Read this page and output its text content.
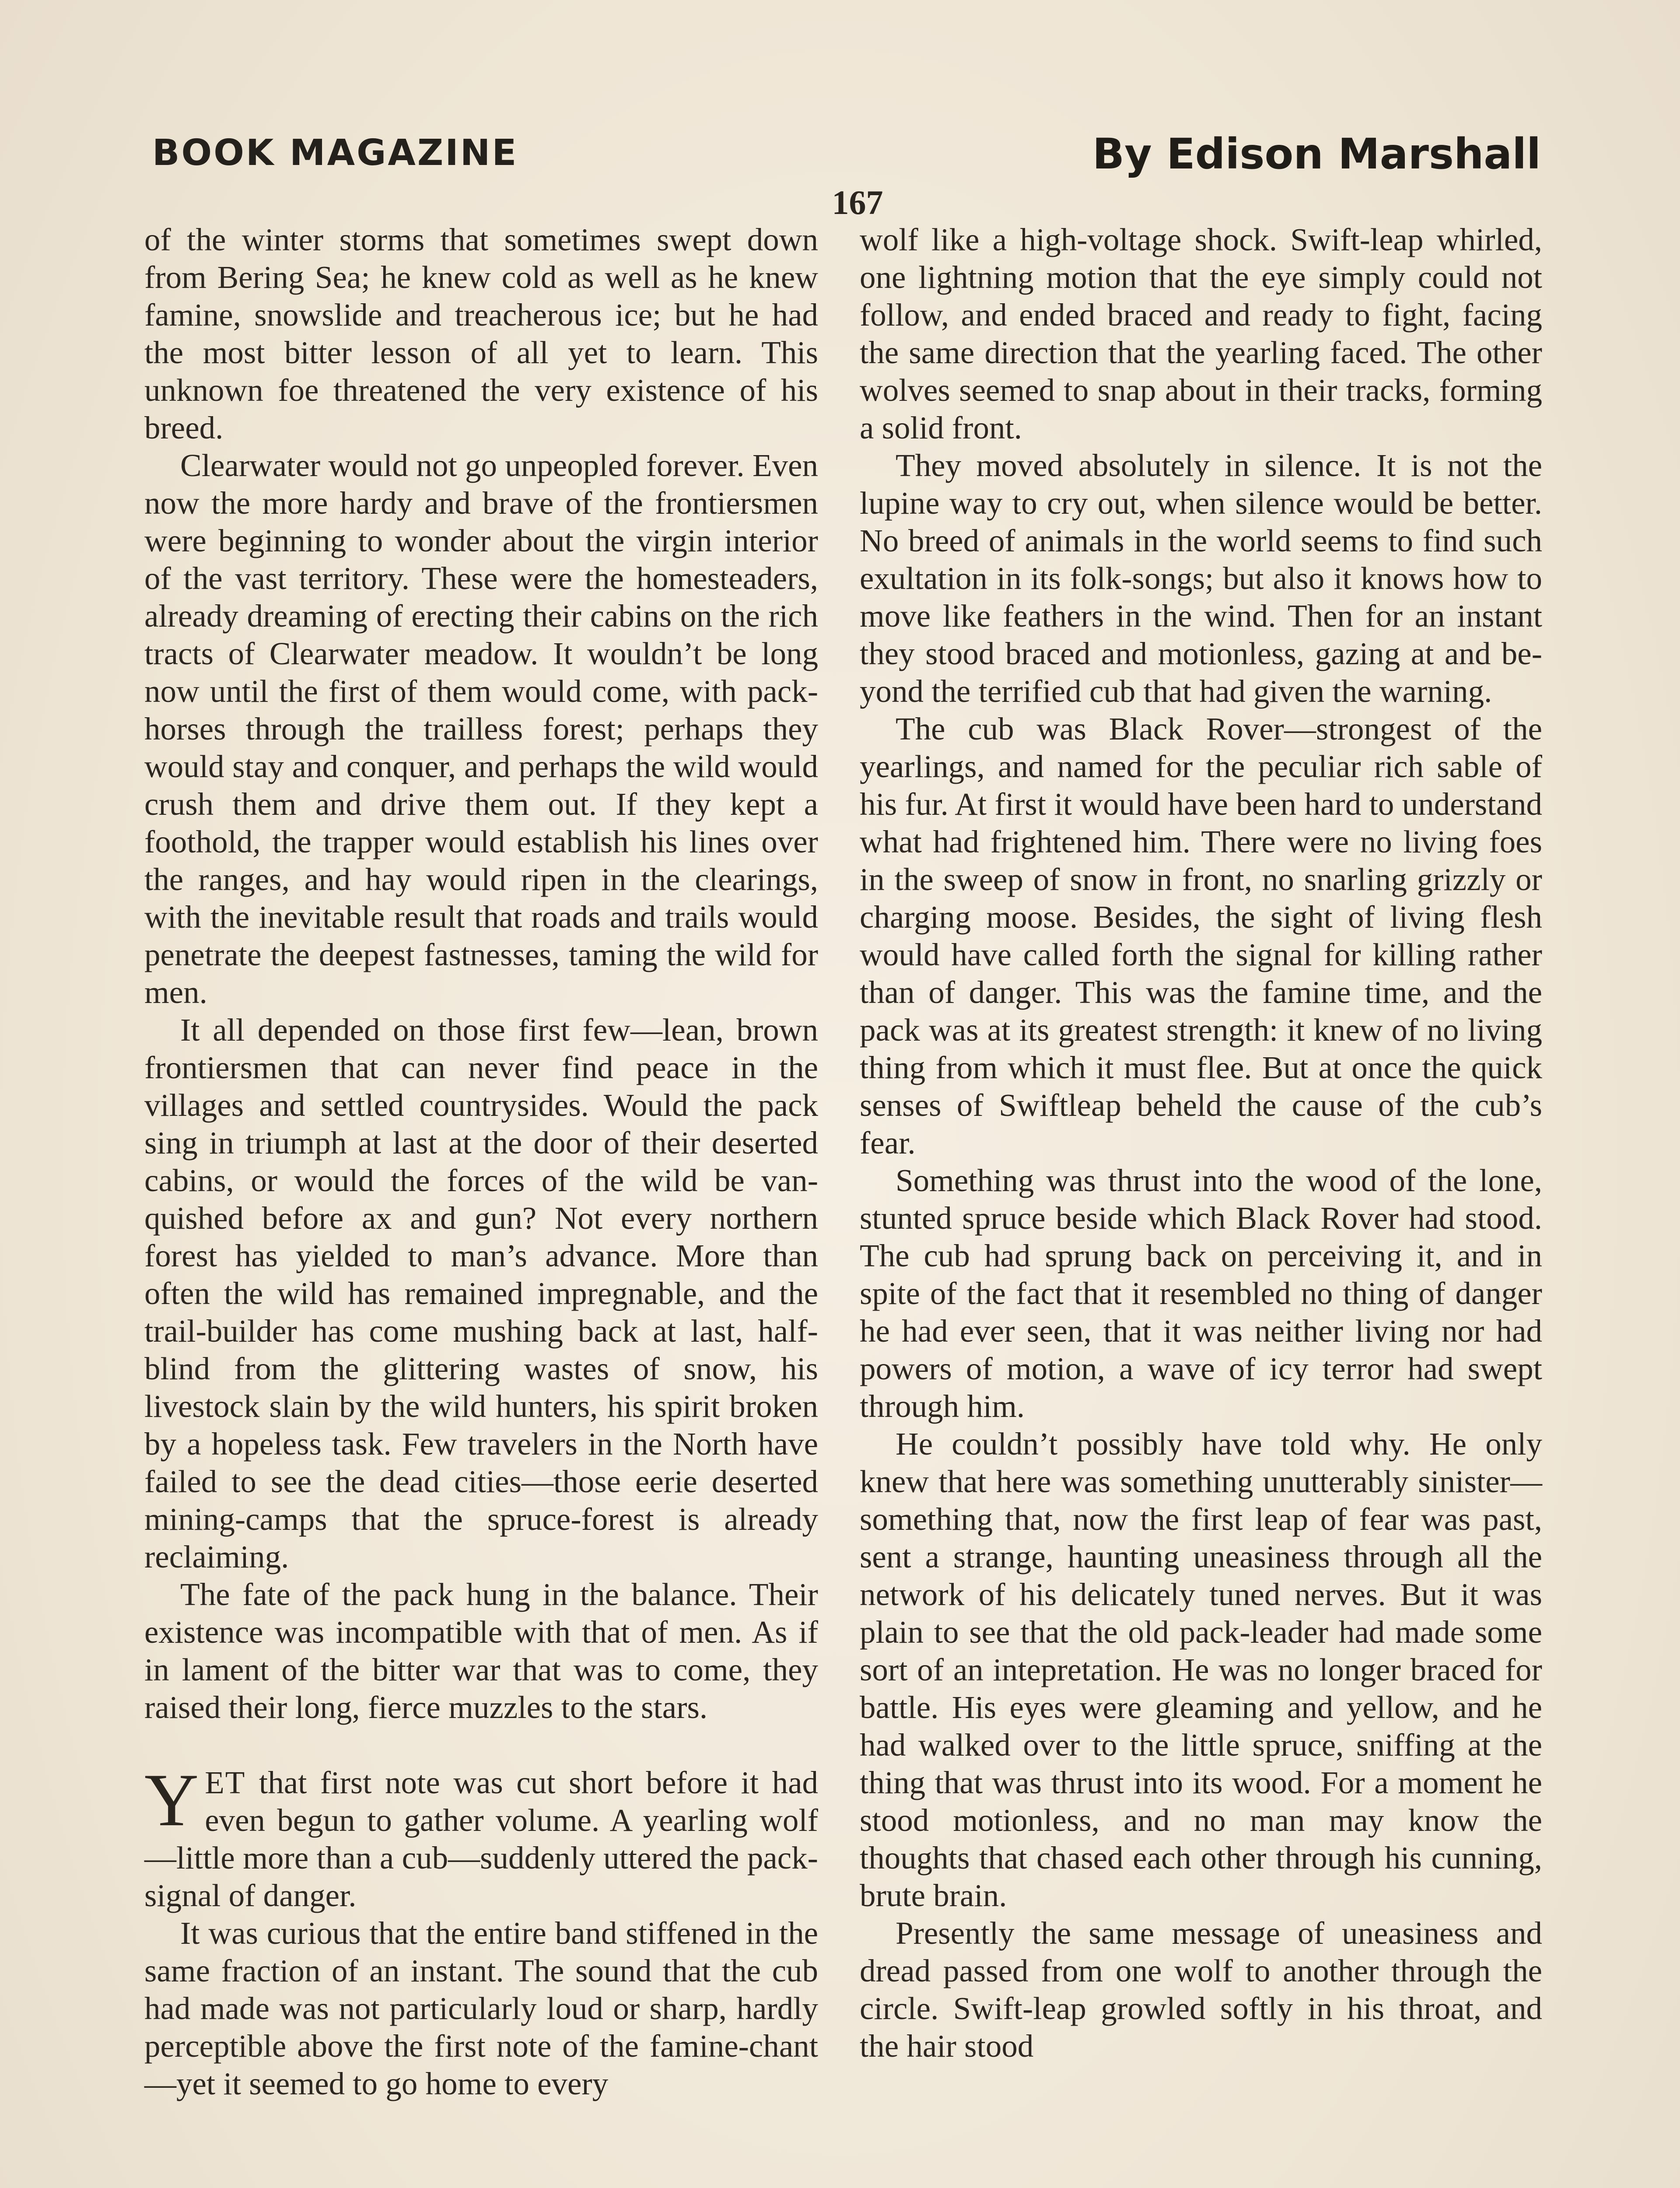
BOOK MAGAZINE	By Edison Marshall
167

of the winter storms that sometimes swept down from Bering Sea; he knew cold as well as he knew famine, snowslide and treacherous ice; but he had the most bitter lesson of all yet to learn. This unknown foe threatened the very existence of his breed.

Clearwater would not go unpeopled forever. Even now the more hardy and brave of the frontiersmen were beginning to wonder about the virgin interior of the vast territory. These were the homesteaders, already dreaming of erecting their cabins on the rich tracts of Clearwater meadow. It wouldn’t be long now until the first of them would come, with packhorses through the trailless forest; perhaps they would stay and conquer, and perhaps the wild would crush them and drive them out. If they kept a foothold, the trapper would establish his lines over the ranges, and hay would ripen in the clearings, with the inevitable result that roads and trails would penetrate the deepest fastnesses, taming the wild for men.

It all depended on those first few—lean, brown frontiersmen that can never find peace in the villages and settled countrysides. Would the pack sing in triumph at last at the door of their deserted cabins, or would the forces of the wild be vanquished before ax and gun? Not every northern forest has yielded to man’s advance. More than often the wild has remained impregnable, and the trail-builder has come mushing back at last, half-blind from the glittering wastes of snow, his livestock slain by the wild hunters, his spirit broken by a hopeless task. Few travelers in the North have failed to see the dead cities—those eerie deserted mining-camps that the spruce-forest is already reclaiming.

The fate of the pack hung in the balance. Their existence was incompatible with that of men. As if in lament of the bitter war that was to come, they raised their long, fierce muzzles to the stars.

YET that first note was cut short before it had even begun to gather volume. A yearling wolf—little more than a cub—suddenly uttered the pack-signal of danger.

It was curious that the entire band stiffened in the same fraction of an instant. The sound that the cub had made was not particularly loud or sharp, hardly perceptible above the first note of the famine-chant—yet it seemed to go home to every

wolf like a high-voltage shock. Swift-leap whirled, one lightning motion that the eye simply could not follow, and ended braced and ready to fight, facing the same direction that the yearling faced. The other wolves seemed to snap about in their tracks, forming a solid front.

They moved absolutely in silence. It is not the lupine way to cry out, when silence would be better. No breed of animals in the world seems to find such exultation in its folk-songs; but also it knows how to move like feathers in the wind. Then for an instant they stood braced and motionless, gazing at and beyond the terrified cub that had given the warning.

The cub was Black Rover—strongest of the yearlings, and named for the peculiar rich sable of his fur. At first it would have been hard to understand what had frightened him. There were no living foes in the sweep of snow in front, no snarling grizzly or charging moose. Besides, the sight of living flesh would have called forth the signal for killing rather than of danger. This was the famine time, and the pack was at its greatest strength: it knew of no living thing from which it must flee. But at once the quick senses of Swiftleap beheld the cause of the cub’s fear.

Something was thrust into the wood of the lone, stunted spruce beside which Black Rover had stood. The cub had sprung back on perceiving it, and in spite of the fact that it resembled no thing of danger he had ever seen, that it was neither living nor had powers of motion, a wave of icy terror had swept through him.

He couldn’t possibly have told why. He only knew that here was something unutterably sinister—something that, now the first leap of fear was past, sent a strange, haunting uneasiness through all the network of his delicately tuned nerves. But it was plain to see that the old pack-leader had made some sort of an intepretation. He was no longer braced for battle. His eyes were gleaming and yellow, and he had walked over to the little spruce, sniffing at the thing that was thrust into its wood. For a moment he stood motionless, and no man may know the thoughts that chased each other through his cunning, brute brain.

Presently the same message of uneasiness and dread passed from one wolf to another through the circle. Swift-leap growled softly in his throat, and the hair stood
